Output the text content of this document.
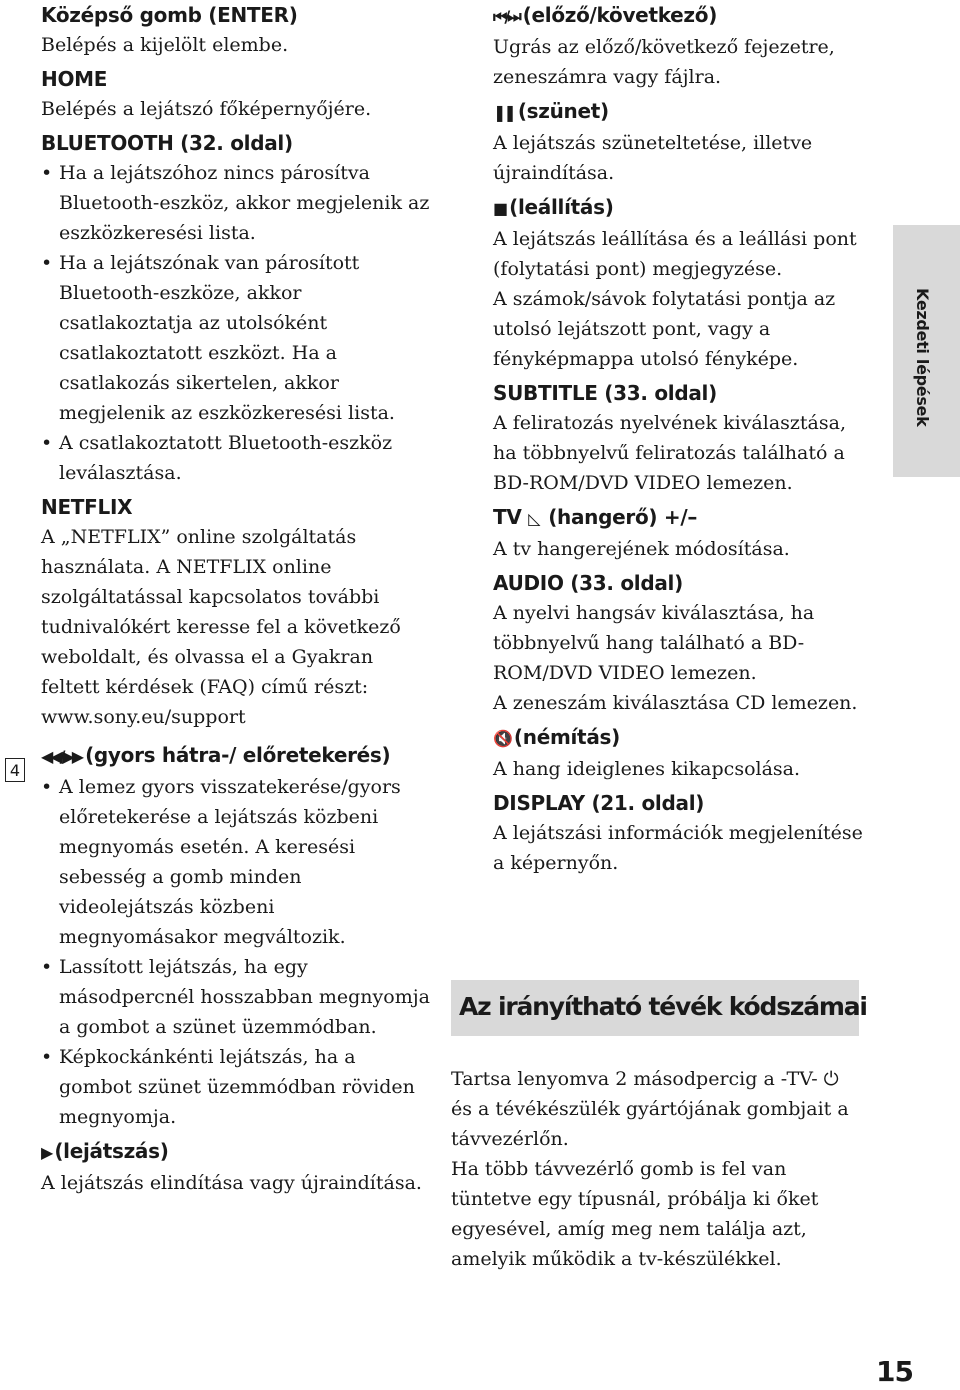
Középső gomb (ENTER)

Belépés a kijelölt elembe.

HOME

Belépés a lejátszó főképernyőjére.

BLUETOOTH (32. oldal)
• Ha a lejátszóhoz nincs párosítva Bluetooth-eszköz, akkor megjelenik az eszközkeresési lista.
• Ha a lejátszónak van párosított Bluetooth-eszköze, akkor csatlakoztatja az utolsóként csatlakoztatott eszközt. Ha a csatlakozás sikertelen, akkor megjelenik az eszközkeresési lista.
• A csatlakoztatott Bluetooth-eszköz leválasztása.
NETFLIX

A „NETFLIX” online szolgáltatás használata. A NETFLIX online szolgáltatással kapcsolatos további tudnivalókért keresse fel a következő weboldalt, és olvassa el a Gyakran feltett kérdések (FAQ) című részt: www.sony.eu/support

◀◀/▶▶ (gyors hátra-/ előretekerés)
• A lemez gyors visszatekerése/gyors előretekerése a lejátszás közbeni megnyomás esetén. A keresési sebesség a gomb minden videolejátszás közbeni megnyomásakor megváltozik.
• Lassított lejátszás, ha egy másodpercnél hosszabban megnyomja a gombot a szünet üzemmódban.
• Képkockánkénti lejátszás, ha a gombot szünet üzemmódban röviden megnyomja.
▶ (lejátszás)

A lejátszás elindítása vagy újraindítása.

4
⏮/⏭ (előző/következő)

Ugrás az előző/következő fejezetre, zeneszámra vagy fájlra.

❚❚ (szünet)

A lejátszás szüneteltetése, illetve újraindítása.

■ (leállítás)

A lejátszás leállítása és a leállási pont (folytatási pont) megjegyzése.

A számok/sávok folytatási pontja az utolsó lejátszott pont, vagy a fényképmappa utolsó fényképe.

SUBTITLE (33. oldal)

A feliratozás nyelvének kiválasztása, ha többnyelvű feliratozás található a BD-ROM/DVD VIDEO lemezen.

TV ◺ (hangerő) +/–

A tv hangerejének módosítása.

AUDIO (33. oldal)

A nyelvi hangsáv kiválasztása, ha többnyelvű hang található a BD-ROM/DVD VIDEO lemezen.

A zeneszám kiválasztása CD lemezen.

🔇 (némítás)

A hang ideiglenes kikapcsolása.

DISPLAY (21. oldal)

A lejátszási információk megjelenítése a képernyőn.

Az irányítható tévék kódszámai

Tartsa lenyomva 2 másodpercig a -TV- ⏻ és a tévékészülék gyártójának gombjait a távvezérlőn.

Ha több távvezérlő gomb is fel van tüntetve egy típusnál, próbálja ki őket egyesével, amíg meg nem találja azt, amelyik működik a tv-készülékkel.

Kezdeti lépések
15
